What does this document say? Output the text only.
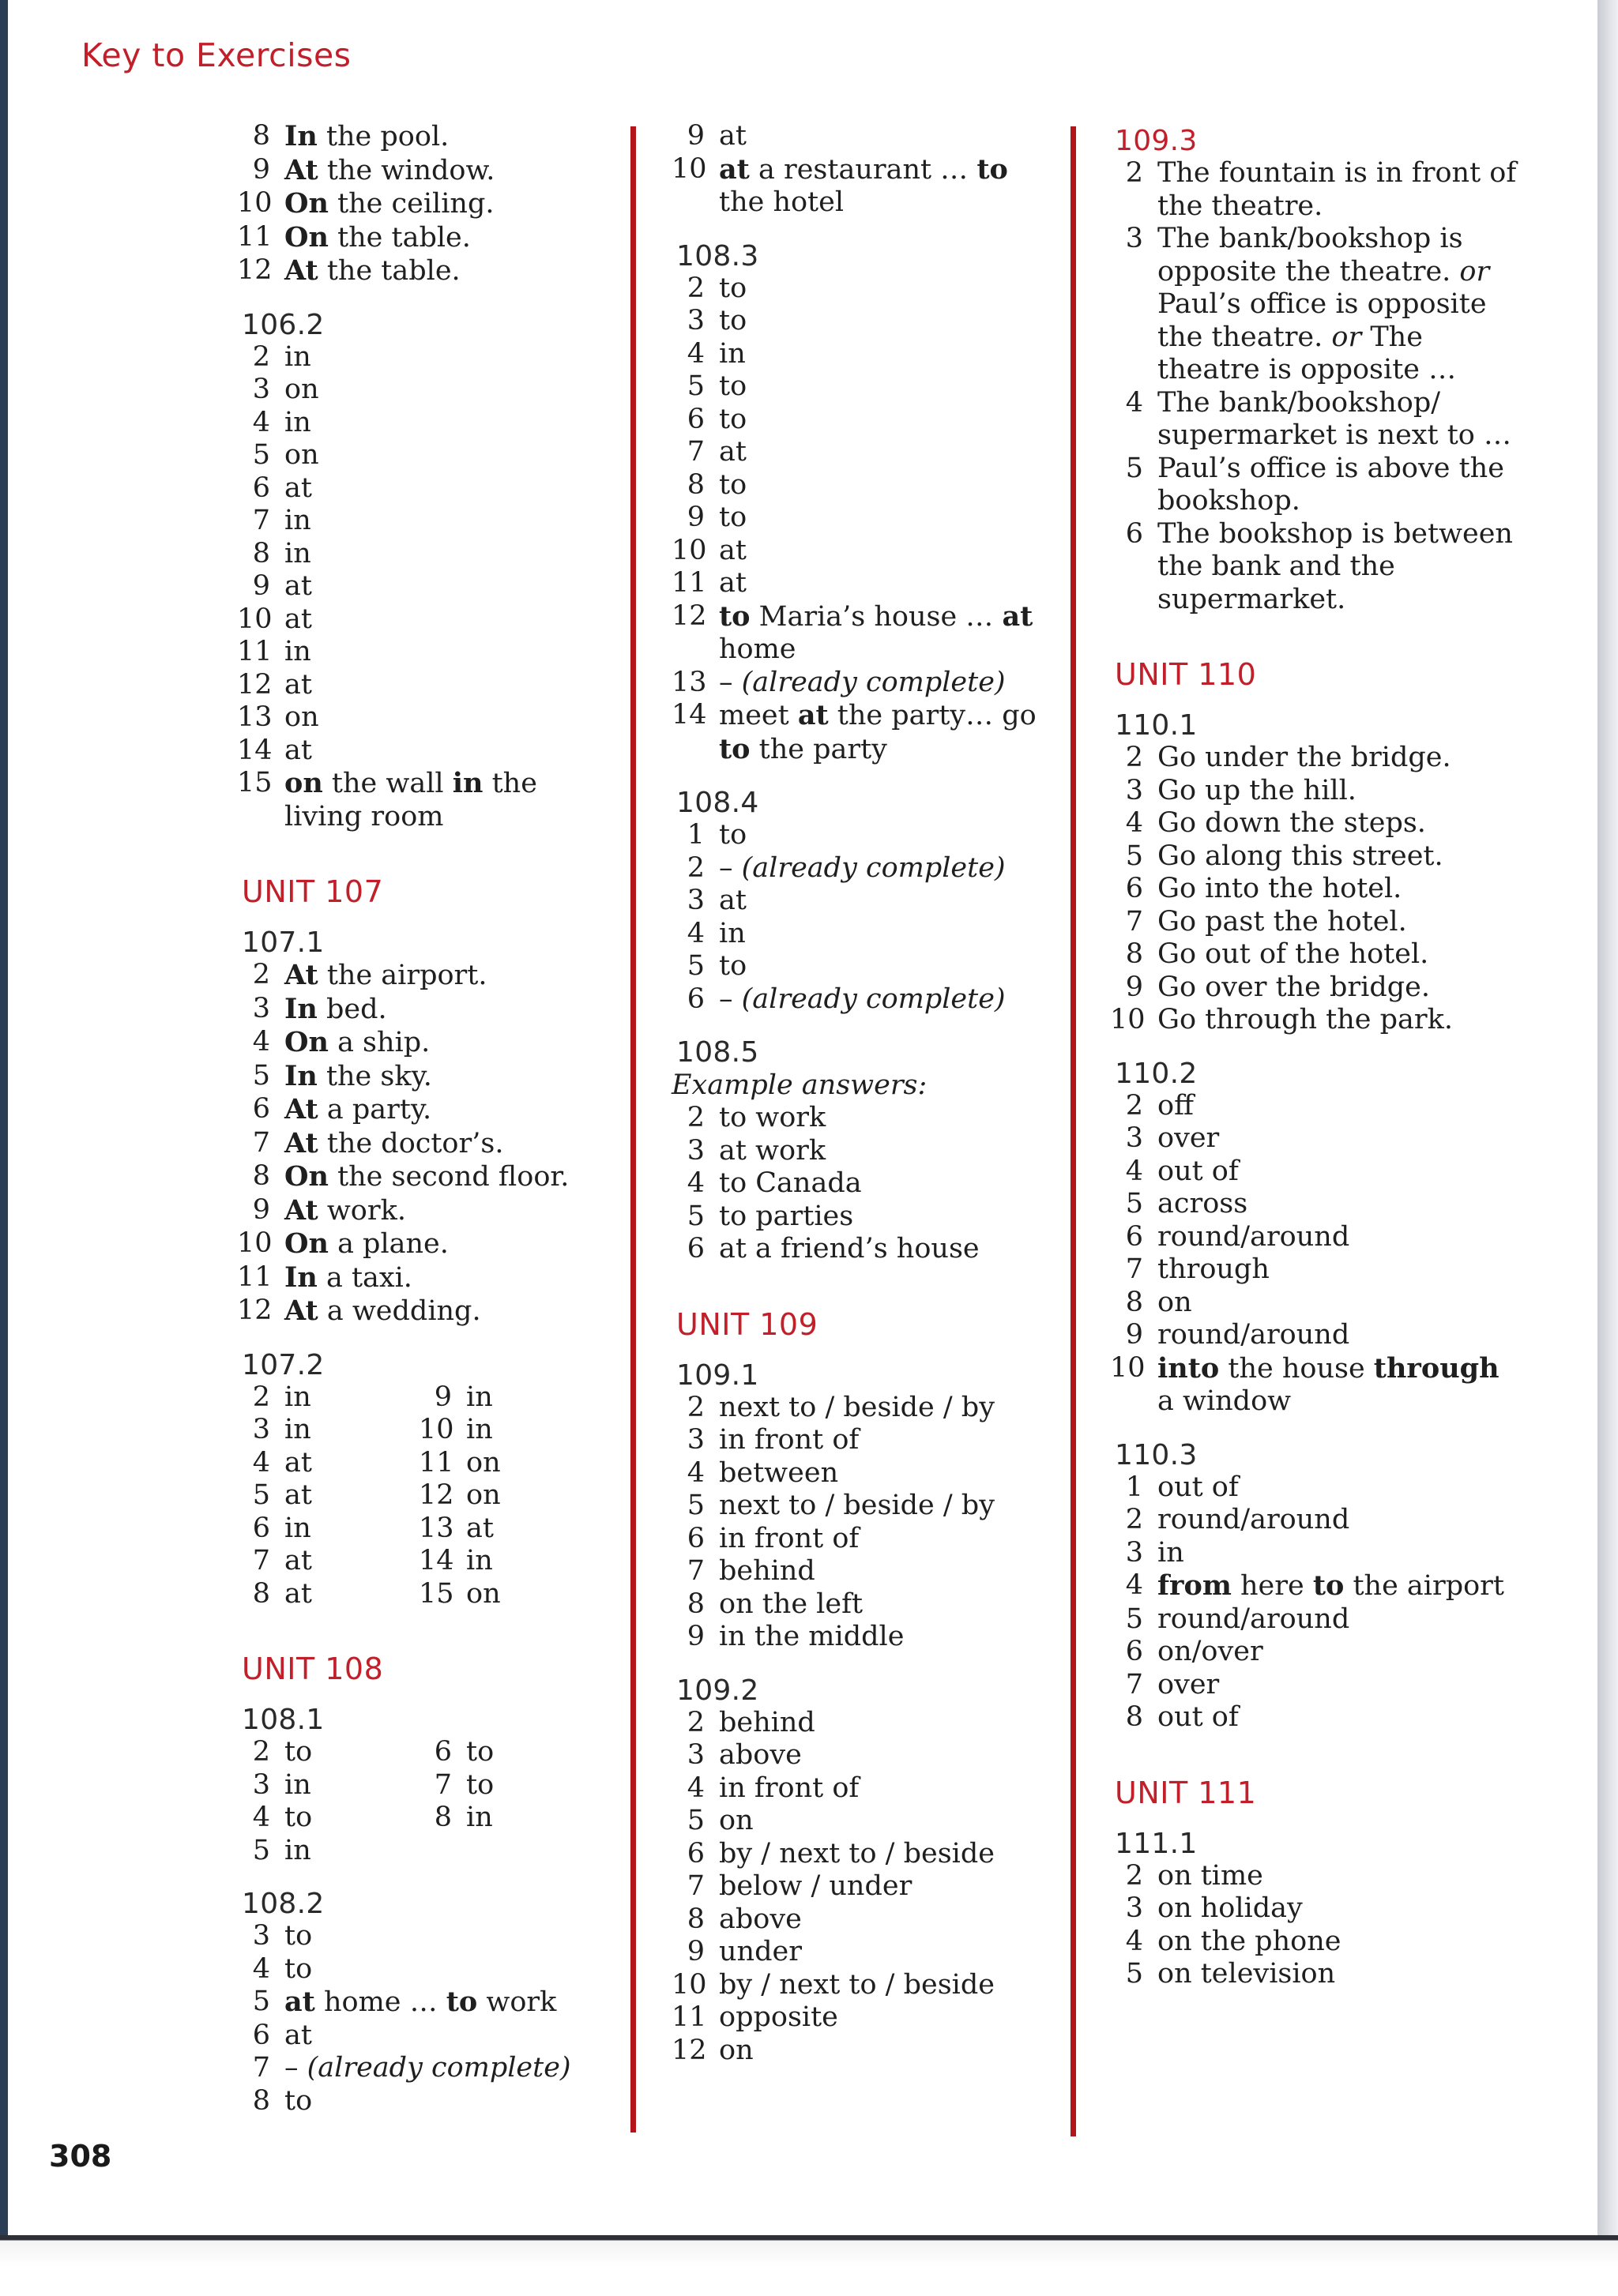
Key to Exercises
8 In the pool.
9 At the window.
10 On the ceiling.
11 On the table.
12 At the table.
106.2
2 in
3 on
4 in
5 on
6 at
7 in
8 in
9 at
10 at
11 in
12 at
13 on
14 at
15 on the wall in the living room
UNIT 107
107.1
2 At the airport.
3 In bed.
4 On a ship.
5 In the sky.
6 At a party.
7 At the doctor’s.
8 On the second floor.
9 At work.
10 On a plane.
11 In a taxi.
12 At a wedding.
107.2
2 in
3 in
4 at
5 at
6 in
7 at
8 at
9 in
10 in
11 on
12 on
13 at
14 in
15 on
UNIT 108
108.1
2 to
3 in
4 to
5 in
6 to
7 to
8 in
108.2
3 to
4 to
5 at home … to work
6 at
7 – (already complete)
8 to
9 at
10 at a restaurant … to the hotel
108.3
2 to
3 to
4 in
5 to
6 to
7 at
8 to
9 to
10 at
11 at
12 to Maria’s house … at home
13 – (already complete)
14 meet at the party… go to the party
108.4
1 to
2 – (already complete)
3 at
4 in
5 to
6 – (already complete)
108.5
Example answers:
2 to work
3 at work
4 to Canada
5 to parties
6 at a friend’s house
UNIT 109
109.1
2 next to / beside / by
3 in front of
4 between
5 next to / beside / by
6 in front of
7 behind
8 on the left
9 in the middle
109.2
2 behind
3 above
4 in front of
5 on
6 by / next to / beside
7 below / under
8 above
9 under
10 by / next to / beside
11 opposite
12 on
109.3
2 The fountain is in front of the theatre.
3 The bank/bookshop is opposite the theatre. or Paul’s office is opposite the theatre. or The theatre is opposite …
4 The bank/bookshop/ supermarket is next to …
5 Paul’s office is above the bookshop.
6 The bookshop is between the bank and the supermarket.
UNIT 110
110.1
2 Go under the bridge.
3 Go up the hill.
4 Go down the steps.
5 Go along this street.
6 Go into the hotel.
7 Go past the hotel.
8 Go out of the hotel.
9 Go over the bridge.
10 Go through the park.
110.2
2 off
3 over
4 out of
5 across
6 round/around
7 through
8 on
9 round/around
10 into the house through a window
110.3
1 out of
2 round/around
3 in
4 from here to the airport
5 round/around
6 on/over
7 over
8 out of
UNIT 111
111.1
2 on time
3 on holiday
4 on the phone
5 on television
308
